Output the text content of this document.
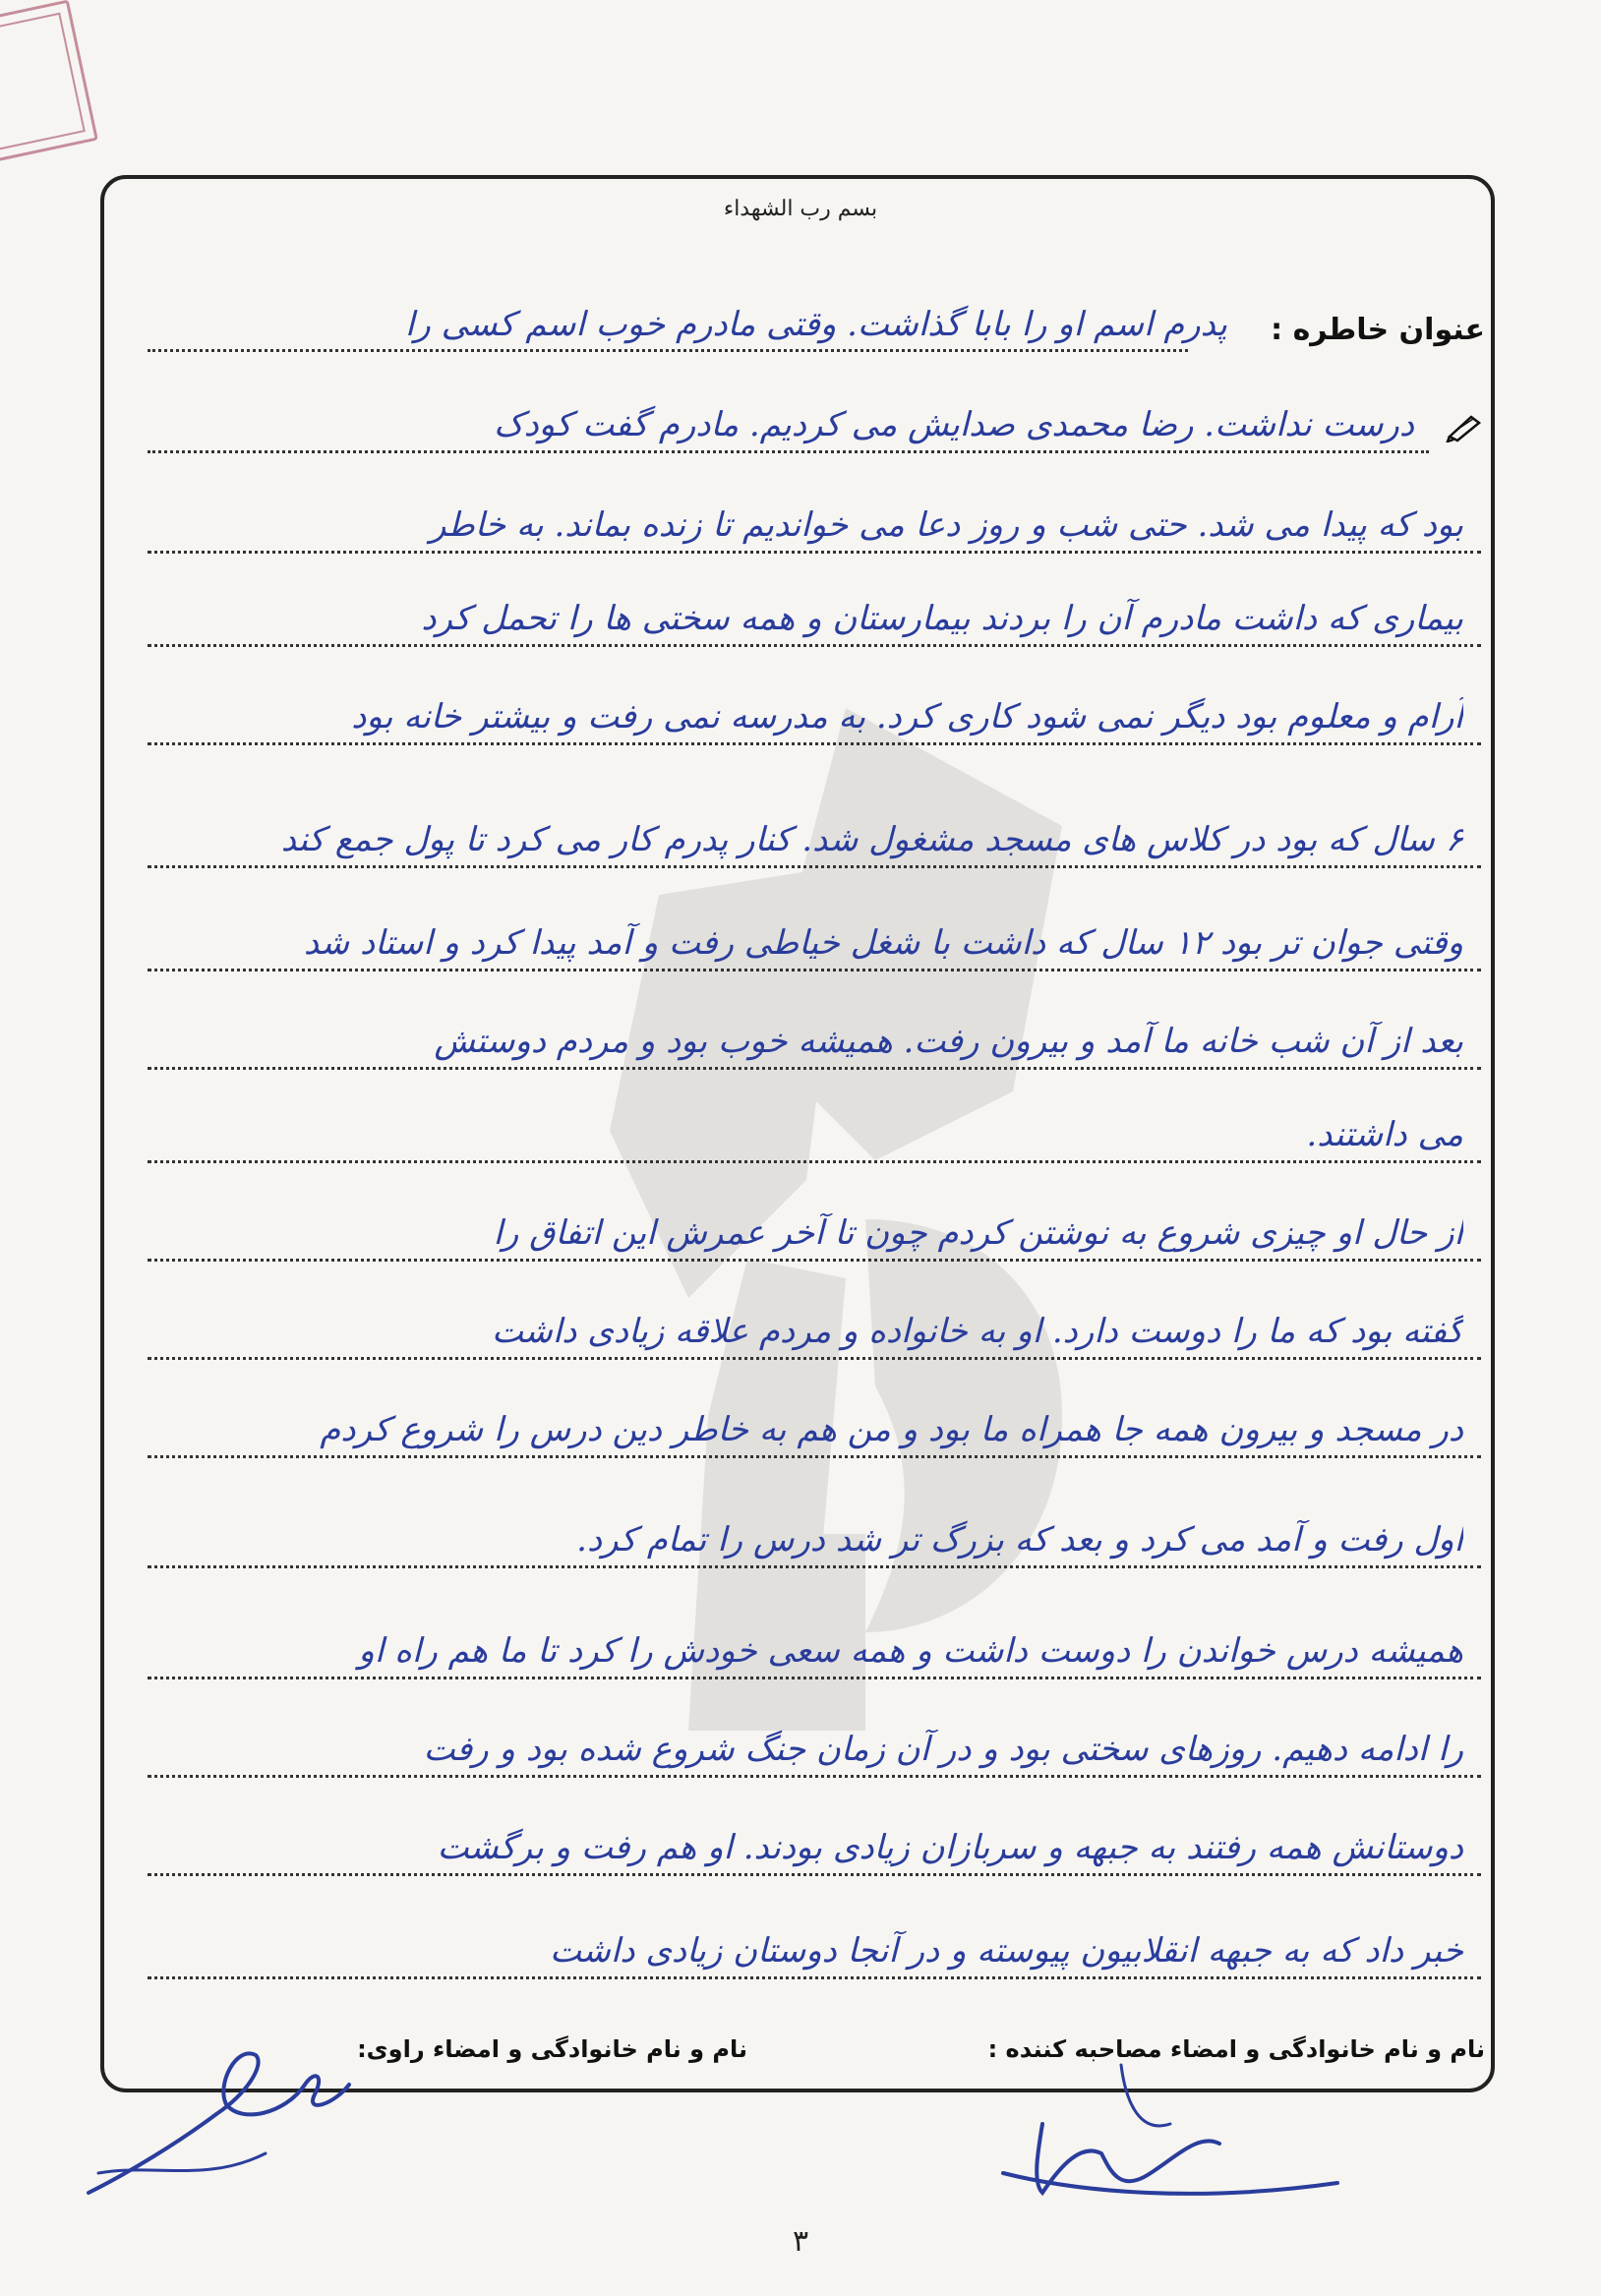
بسم رب الشهداء
عنوان خاطره :
پدرم اسم او را بابا گذاشت. وقتی مادرم خوب اسم کسی را
درست نداشت. رضا محمدی صدایش می کردیم. مادرم گفت کودک
بود که پیدا می شد. حتی شب و روز دعا می خواندیم تا زنده بماند. به خاطر
بیماری که داشت مادرم آن را بردند بیمارستان و همه سختی ها را تحمل کرد
آرام و معلوم بود دیگر نمی شود کاری کرد. به مدرسه نمی رفت و بیشتر خانه بود
۶ سال که بود در کلاس های مسجد مشغول شد. کنار پدرم کار می کرد تا پول جمع کند
وقتی جوان تر بود ۱۲ سال که داشت با شغل خیاطی رفت و آمد پیدا کرد و استاد شد
بعد از آن شب خانه ما آمد و بیرون رفت. همیشه خوب بود و مردم دوستش
می داشتند.
از حال او چیزی شروع به نوشتن کردم چون تا آخر عمرش این اتفاق را
گفته بود که ما را دوست دارد. او به خانواده و مردم علاقه زیادی داشت
در مسجد و بیرون همه جا همراه ما بود و من هم به خاطر دین درس را شروع کردم
اول رفت و آمد می کرد و بعد که بزرگ تر شد درس را تمام کرد.
همیشه درس خواندن را دوست داشت و همه سعی خودش را کرد تا ما هم راه او
را ادامه دهیم. روزهای سختی بود و در آن زمان جنگ شروع شده بود و رفت
دوستانش همه رفتند به جبهه و سربازان زیادی بودند. او هم رفت و برگشت
خبر داد که به جبهه انقلابیون پیوسته و در آنجا دوستان زیادی داشت
نام و نام خانوادگی و امضاء مصاحبه کننده :
نام و نام خانوادگی و امضاء راوی:
۳
